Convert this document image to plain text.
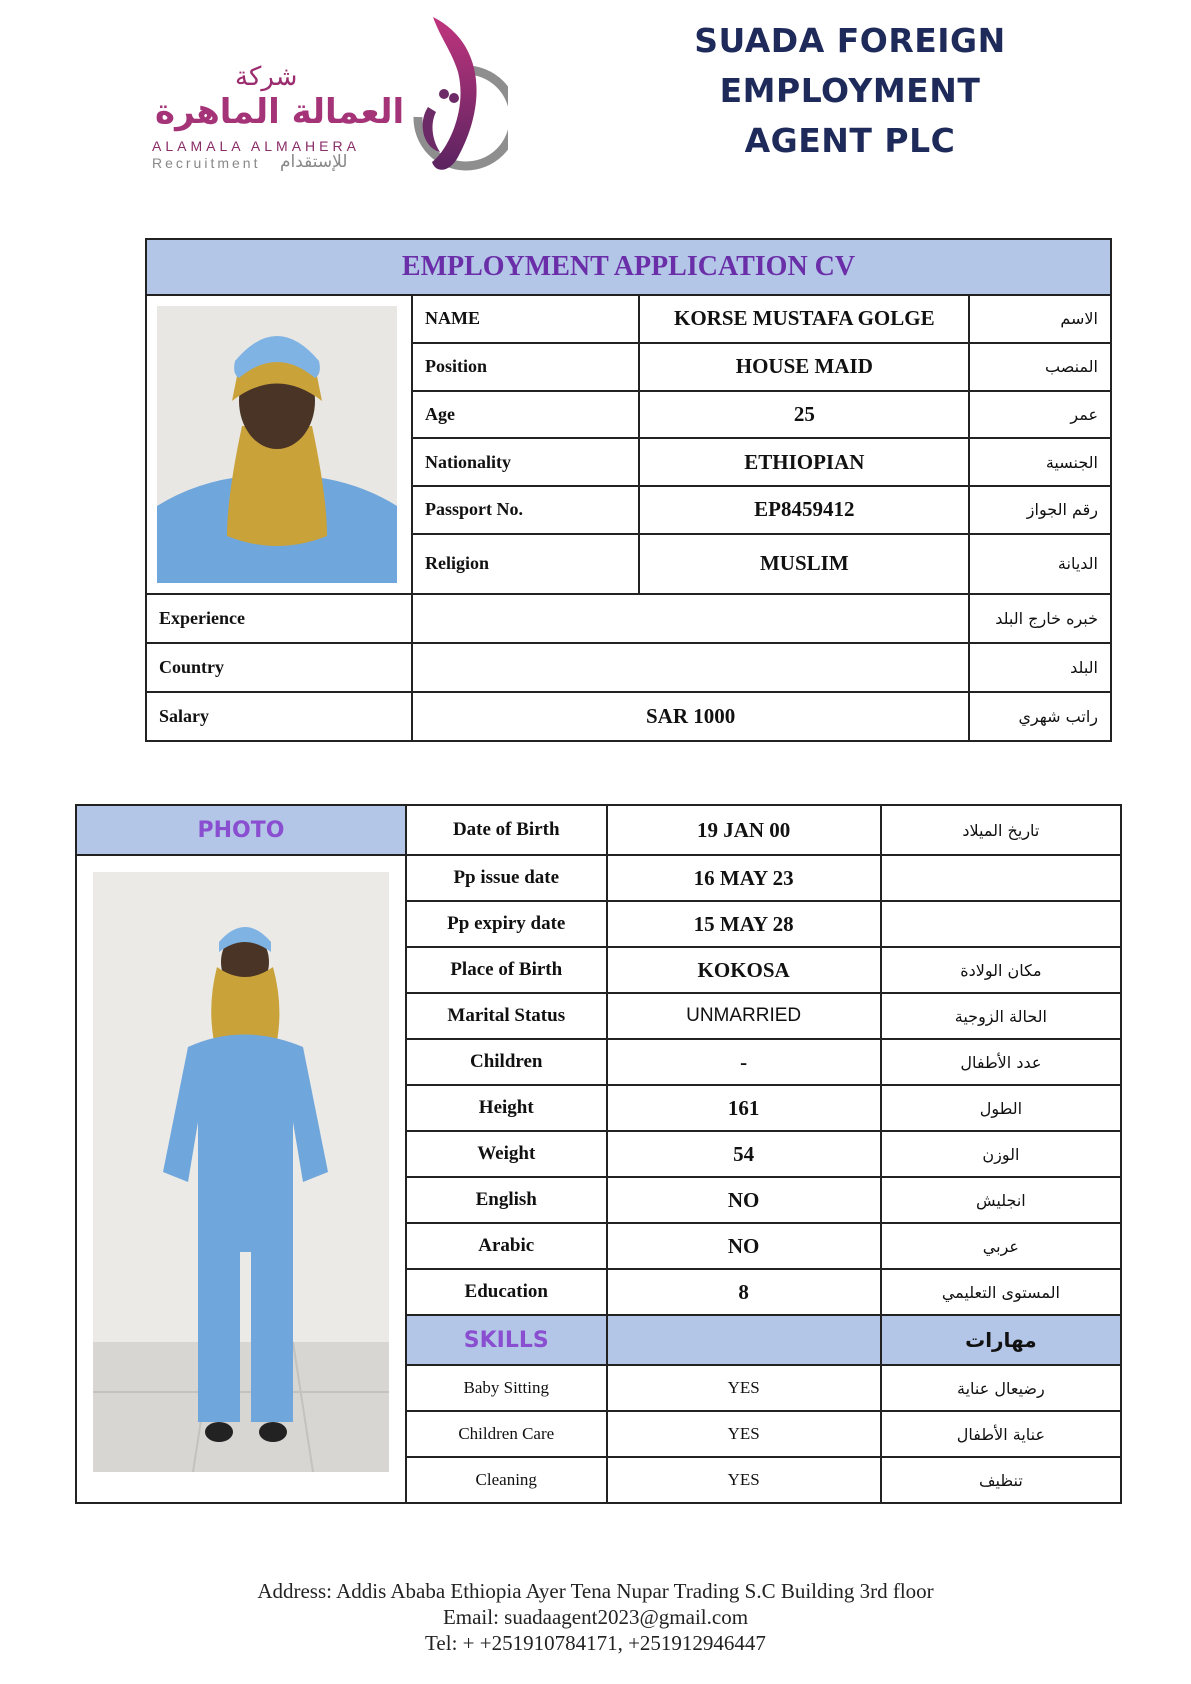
شركة
العمالة الماهرة
ALAMALA ALMAHERA
Recruitment للإستقدام
SUADA FOREIGN EMPLOYMENT
AGENT PLC
EMPLOYMENT APPLICATION CV			

	NAME	KORSE MUSTAFA GOLGE	الاسم
	Position	HOUSE MAID	المنصب
	Age	25	عمر
	Nationality	ETHIOPIAN	الجنسية
	Passport No.	EP8459412	رقم الجواز
	Religion	MUSLIM	الديانة
Experience			خبره خارج البلد
Country			البلد
Salary	SAR 1000		راتب شهري
PHOTO	Date of Birth	19 JAN 00	تاريخ الميلاد

	Pp issue date	16 MAY 23	
	Pp expiry date	15 MAY 28	
	Place of Birth	KOKOSA	مكان الولادة
	Marital Status	UNMARRIED	الحالة الزوجية
	Children	-	عدد الأطفال
	Height	161	الطول
	Weight	54	الوزن
	English	NO	انجليش
	Arabic	NO	عربي
	Education	8	المستوى التعليمي
	SKILLS		مهارات
	Baby Sitting	YES	رضيعال عناية
	Children Care	YES	عناية الأطفال
	Cleaning	YES	تنظيف
Address: Addis Ababa Ethiopia Ayer Tena Nupar Trading S.C Building 3rd floor
Email: suadaagent2023@gmail.com
Tel: + +251910784171, +251912946447
